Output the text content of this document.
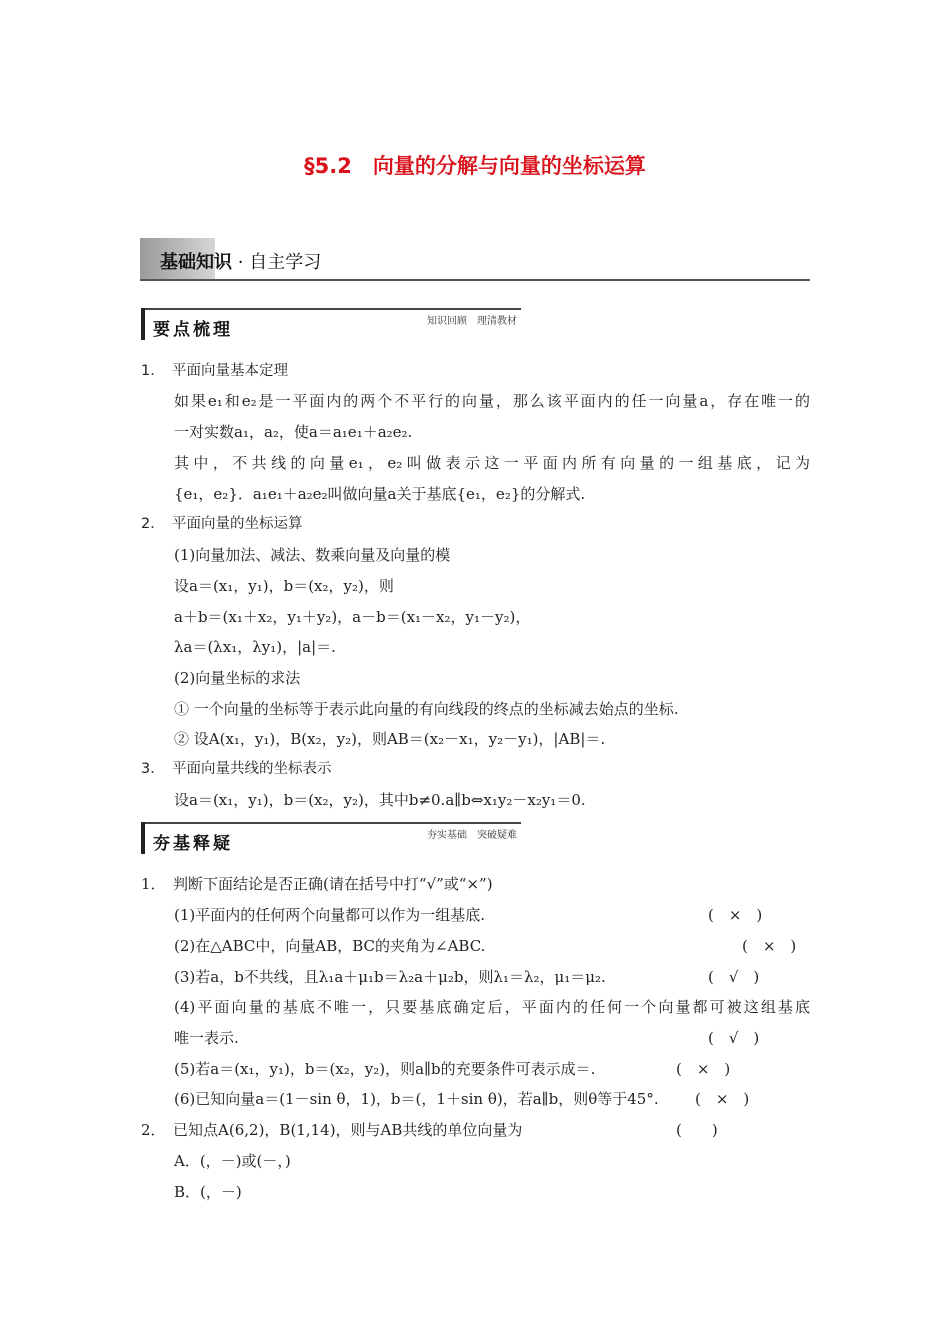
§5.2　向量的分解与向量的坐标运算
基础知识 · 自主学习
要点梳理	知识回顾　理清教材
夯基释疑	夯实基础　突破疑难
1．　平面向量基本定理
如果e₁和e₂是一平面内的两个不平行的向量，那么该平面内的任一向量a，存在唯一的
一对实数a₁，a₂，使a＝a₁e₁＋a₂e₂.
其中，不共线的向量e₁，e₂叫做表示这一平面内所有向量的一组基底，记为
{e₁，e₂}．a₁e₁＋a₂e₂叫做向量a关于基底{e₁，e₂}的分解式.
2．　平面向量的坐标运算
(1)向量加法、减法、数乘向量及向量的模
设a＝(x₁，y₁)，b＝(x₂，y₂)，则
a＋b＝(x₁＋x₂，y₁＋y₂)，a－b＝(x₁－x₂，y₁－y₂)，
λa＝(λx₁，λy₁)，|a|＝.
(2)向量坐标的求法
① 一个向量的坐标等于表示此向量的有向线段的终点的坐标减去始点的坐标.
② 设A(x₁，y₁)，B(x₂，y₂)，则AB＝(x₂－x₁，y₂－y₁)，|AB|＝.
3．　平面向量共线的坐标表示
设a＝(x₁，y₁)，b＝(x₂，y₂)，其中b≠0.a∥b⇔x₁y₂－x₂y₁＝0.
1．　判断下面结论是否正确(请在括号中打“√”或“×”)
(1)平面内的任何两个向量都可以作为一组基底.
(2)在△ABC中，向量AB，BC的夹角为∠ABC.
(3)若a，b不共线，且λ₁a＋μ₁b＝λ₂a＋μ₂b，则λ₁＝λ₂，μ₁＝μ₂.
(4)平面向量的基底不唯一，只要基底确定后，平面内的任何一个向量都可被这组基底
唯一表示.
(5)若a＝(x₁，y₁)，b＝(x₂，y₂)，则a∥b的充要条件可表示成＝.
(6)已知向量a＝(1－sin θ，1)，b＝(，1＋sin θ)，若a∥b，则θ等于45°.
2．　已知点A(6,2)，B(1,14)，则与AB共线的单位向量为
A．(，－)或(－，)
B．(，－)
(　×　)
(　×　)
(　√　)
(　√　)
(　×　)
(　×　)
(　　)
